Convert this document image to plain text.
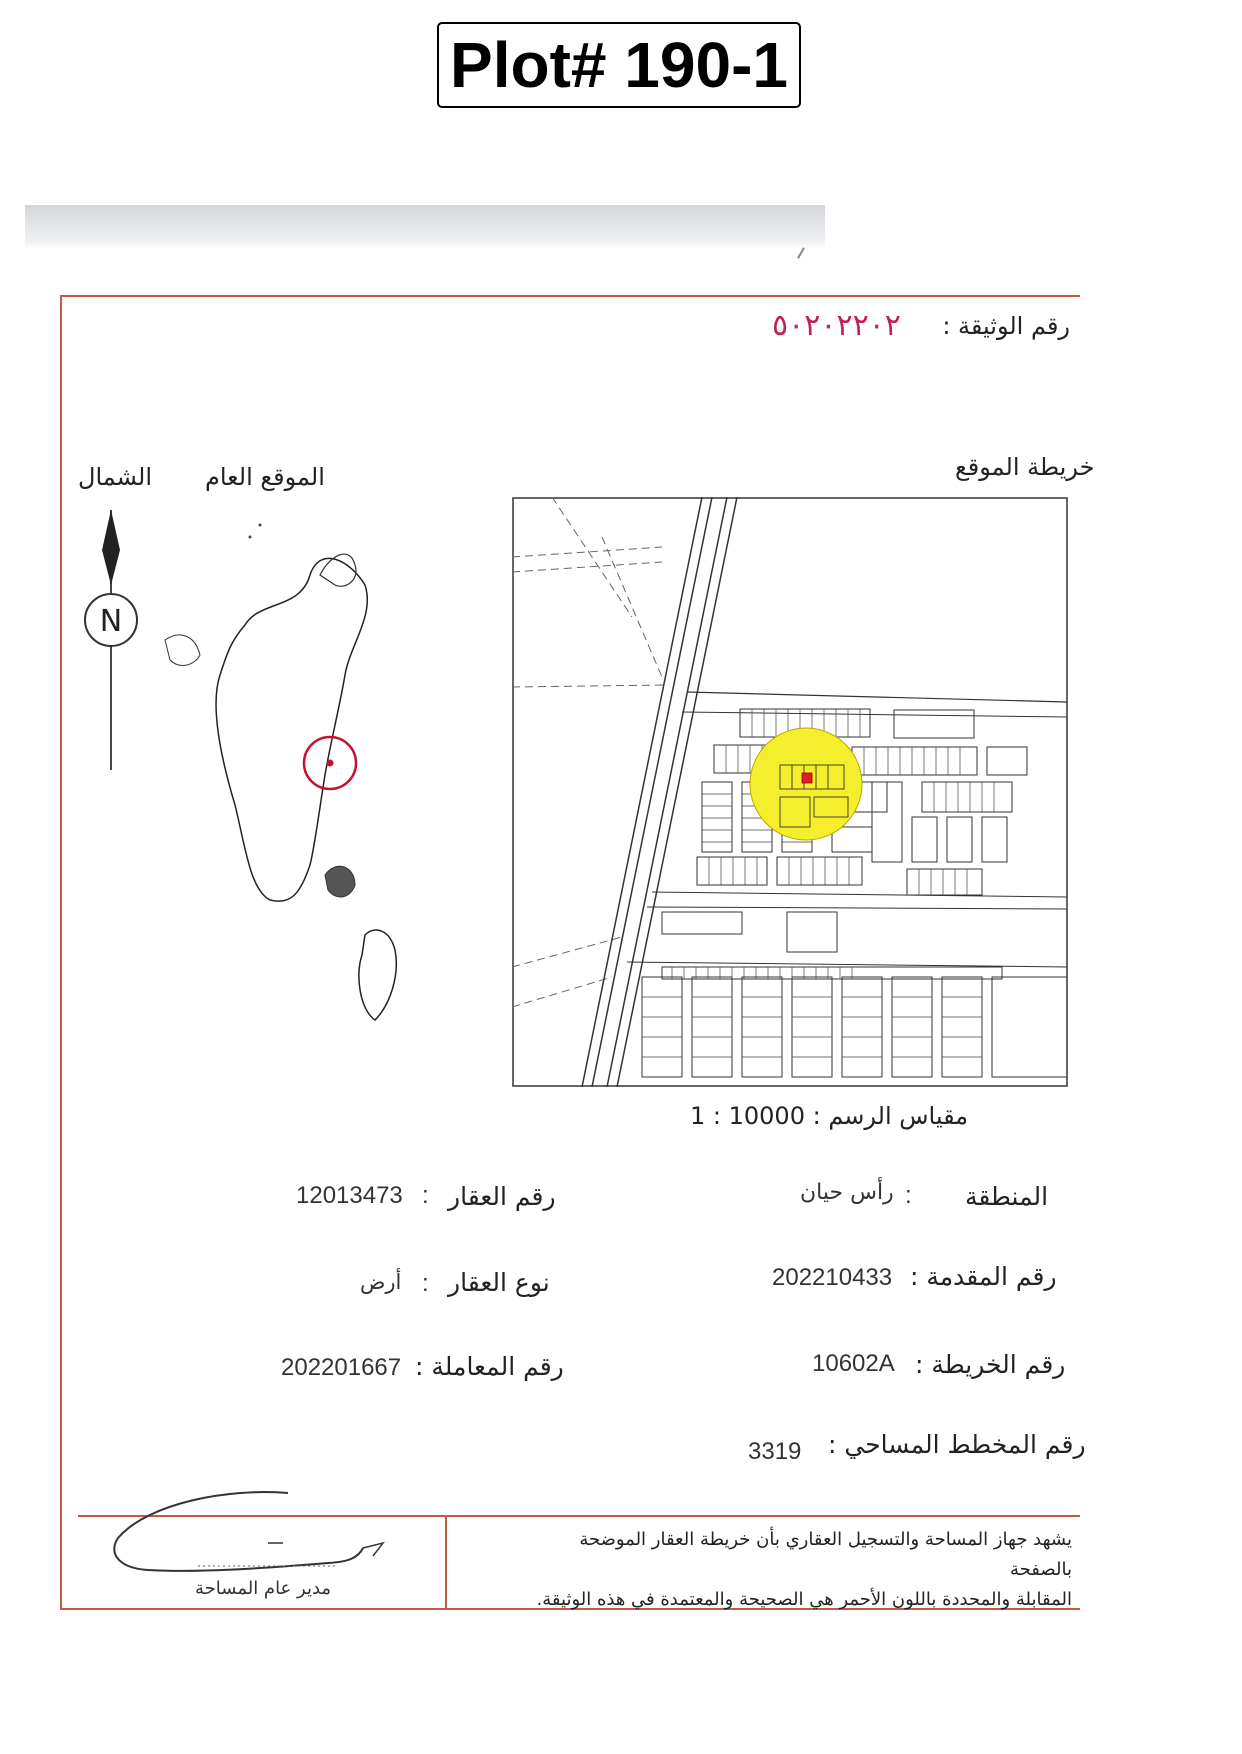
Plot# 190-1
رقم الوثيقة :
٥٠٢٠٢٢٠٢
خريطة الموقع
الموقع العام
الشمال
N
مقياس الرسم : 1 : 10000
المنطقة
:
رأس حيان
رقم المقدمة :
202210433
رقم الخريطة :
10602A
رقم المخطط المساحي :
3319
رقم العقار
:
12013473
نوع العقار
:
أرض
رقم المعاملة :
202201667
يشهد جهاز المساحة والتسجيل العقاري بأن خريطة العقار الموضحة بالصفحة
المقابلة والمحددة باللون الأحمر هي الصحيحة والمعتمدة في هذه الوثيقة.
مدير عام المساحة
